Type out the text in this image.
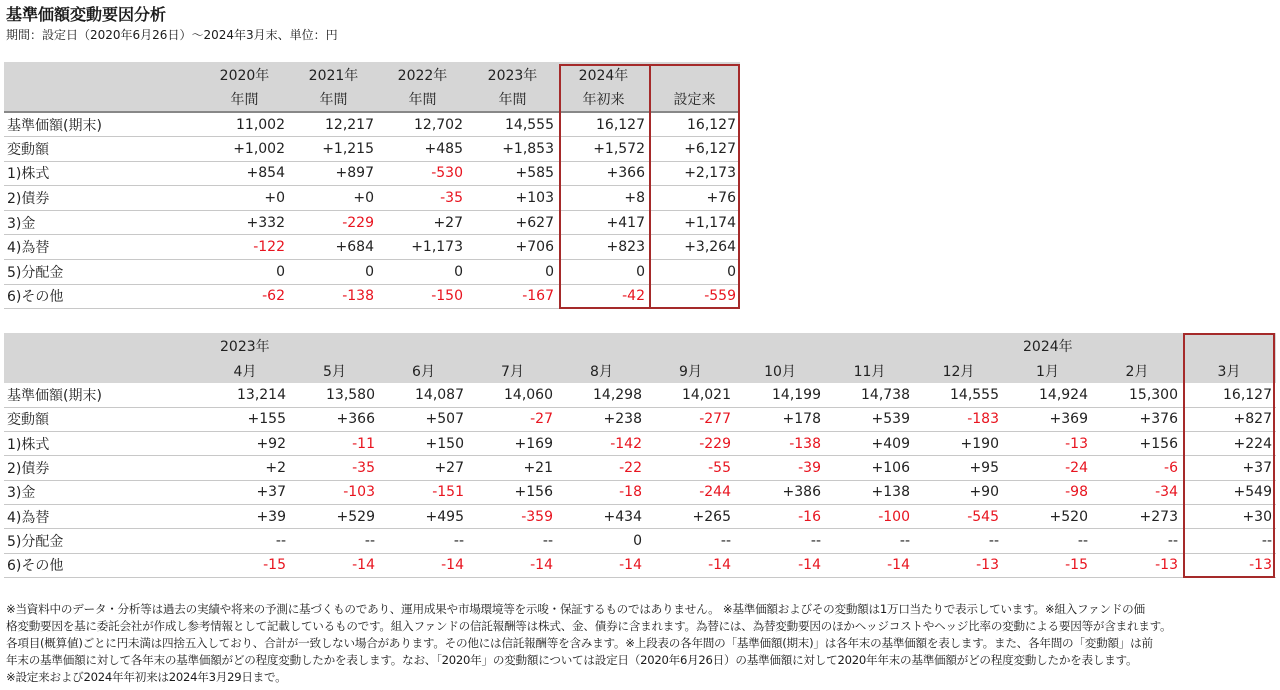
基準価額変動要因分析
期間：設定日（2020年6月26日）～2024年3月末、単位：円
	2020年	2021年	2022年	2023年	2024年	
	年間	年間	年間	年間	年初来	設定来
基準価額(期末)	11,002	12,217	12,702	14,555	16,127	16,127
変動額	+1,002	+1,215	+485	+1,853	+1,572	+6,127
1)株式	+854	+897	-530	+585	+366	+2,173
2)債券	+0	+0	-35	+103	+8	+76
3)金	+332	-229	+27	+627	+417	+1,174
4)為替	-122	+684	+1,173	+706	+823	+3,264
5)分配金	0	0	0	0	0	0
6)その他	-62	-138	-150	-167	-42	-559
	2023年									2024年		
	4月	5月	6月	7月	8月	9月	10月	11月	12月	1月	2月	3月
基準価額(期末)	13,214	13,580	14,087	14,060	14,298	14,021	14,199	14,738	14,555	14,924	15,300	16,127
変動額	+155	+366	+507	-27	+238	-277	+178	+539	-183	+369	+376	+827
1)株式	+92	-11	+150	+169	-142	-229	-138	+409	+190	-13	+156	+224
2)債券	+2	-35	+27	+21	-22	-55	-39	+106	+95	-24	-6	+37
3)金	+37	-103	-151	+156	-18	-244	+386	+138	+90	-98	-34	+549
4)為替	+39	+529	+495	-359	+434	+265	-16	-100	-545	+520	+273	+30
5)分配金	--	--	--	--	0	--	--	--	--	--	--	--
6)その他	-15	-14	-14	-14	-14	-14	-14	-14	-13	-15	-13	-13
※当資料中のデータ・分析等は過去の実績や将来の予測に基づくものであり、運用成果や市場環境等を示唆・保証するものではありません。 ※基準価額およびその変動額は1万口当たりで表示しています。※組入ファンドの価
格変動要因を基に委託会社が作成し参考情報として記載しているものです。組入ファンドの信託報酬等は株式、金、債券に含まれます。為替には、為替変動要因のほかヘッジコストやヘッジ比率の変動による要因等が含まれます。
各項目(概算値)ごとに円未満は四捨五入しており、合計が一致しない場合があります。その他には信託報酬等を含みます。※上段表の各年間の「基準価額(期末)」は各年末の基準価額を表します。また、各年間の「変動額」は前
年末の基準価額に対して各年末の基準価額がどの程度変動したかを表します。なお、「2020年」の変動額については設定日（2020年6月26日）の基準価額に対して2020年年末の基準価額がどの程度変動したかを表します。
※設定来および2024年年初来は2024年3月29日まで。
